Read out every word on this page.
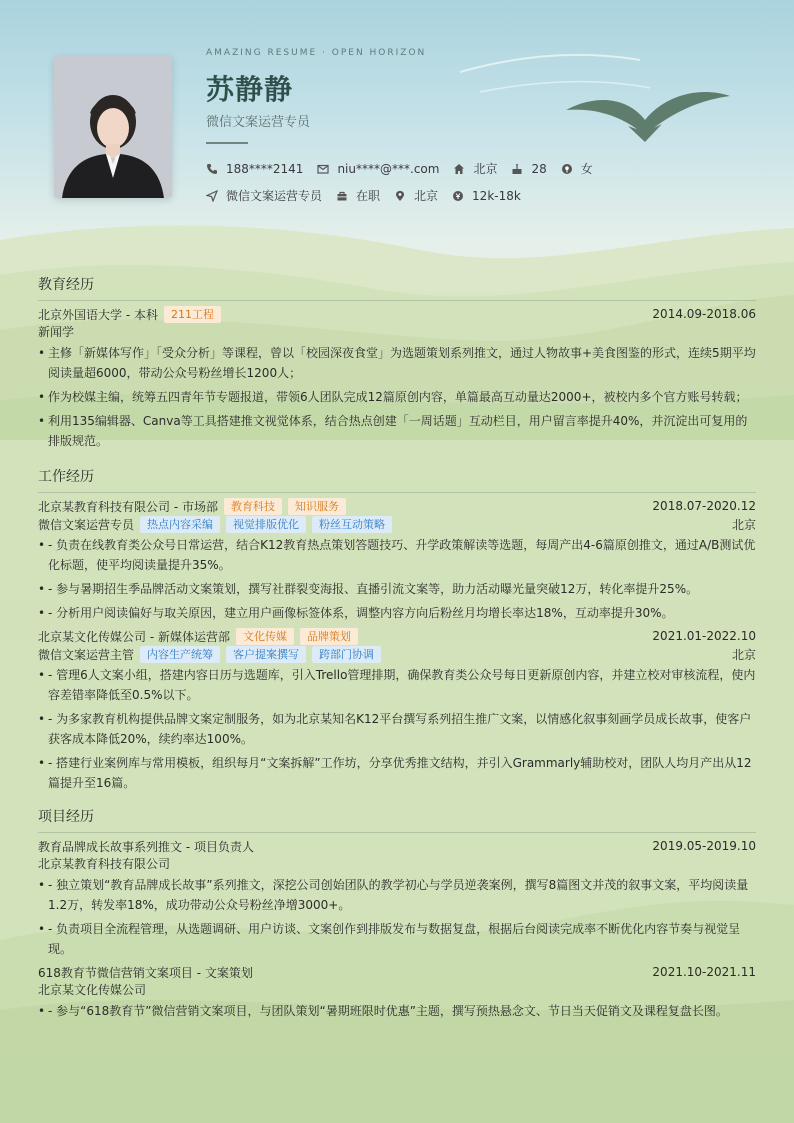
AMAZING RESUME · OPEN HORIZON
苏静静
微信文案运营专员
188****2141	niu****@***.com	北京	28	女
微信文案运营专员	在职	北京	12k-18k
教育经历
北京外国语大学 - 本科	211工程	2014.09-2018.06
新闻学
• 主修「新媒体写作」「受众分析」等课程，曾以「校园深夜食堂」为选题策划系列推文，通过人物故事+美食图鉴的形式，连续5期平均阅读量超6000，带动公众号粉丝增长1200人；
• 作为校媒主编，统筹五四青年节专题报道，带领6人团队完成12篇原创内容，单篇最高互动量达2000+，被校内多个官方账号转载；
• 利用135编辑器、Canva等工具搭建推文视觉体系，结合热点创建「一周话题」互动栏目，用户留言率提升40%，并沉淀出可复用的排版规范。
工作经历
北京某教育科技有限公司 - 市场部	教育科技	知识服务	2018.07-2020.12
微信文案运营专员	热点内容采编	视觉排版优化	粉丝互动策略	北京
• - 负责在线教育类公众号日常运营，结合K12教育热点策划答题技巧、升学政策解读等选题，每周产出4-6篇原创推文，通过A/B测试优化标题，使平均阅读量提升35%。
• - 参与暑期招生季品牌活动文案策划，撰写社群裂变海报、直播引流文案等，助力活动曝光量突破12万，转化率提升25%。
• - 分析用户阅读偏好与取关原因，建立用户画像标签体系，调整内容方向后粉丝月均增长率达18%，互动率提升30%。
北京某文化传媒公司 - 新媒体运营部	文化传媒	品牌策划	2021.01-2022.10
微信文案运营主管	内容生产统筹	客户提案撰写	跨部门协调	北京
• - 管理6人文案小组，搭建内容日历与选题库，引入Trello管理排期，确保教育类公众号每日更新原创内容，并建立校对审核流程，使内容差错率降低至0.5%以下。
• - 为多家教育机构提供品牌文案定制服务，如为北京某知名K12平台撰写系列招生推广文案，以情感化叙事刻画学员成长故事，使客户获客成本降低20%，续约率达100%。
• - 搭建行业案例库与常用模板，组织每月“文案拆解”工作坊，分享优秀推文结构，并引入Grammarly辅助校对，团队人均月产出从12篇提升至16篇。
项目经历
教育品牌成长故事系列推文 - 项目负责人	2019.05-2019.10
北京某教育科技有限公司
• - 独立策划“教育品牌成长故事”系列推文，深挖公司创始团队的教学初心与学员逆袭案例，撰写8篇图文并茂的叙事文案，平均阅读量1.2万，转发率18%，成功带动公众号粉丝净增3000+。
• - 负责项目全流程管理，从选题调研、用户访谈、文案创作到排版发布与数据复盘，根据后台阅读完成率不断优化内容节奏与视觉呈现。
618教育节微信营销文案项目 - 文案策划	2021.10-2021.11
北京某文化传媒公司
• - 参与“618教育节”微信营销文案项目，与团队策划“暑期班限时优惠”主题，撰写预热悬念文、节日当天促销文及课程复盘长图。
